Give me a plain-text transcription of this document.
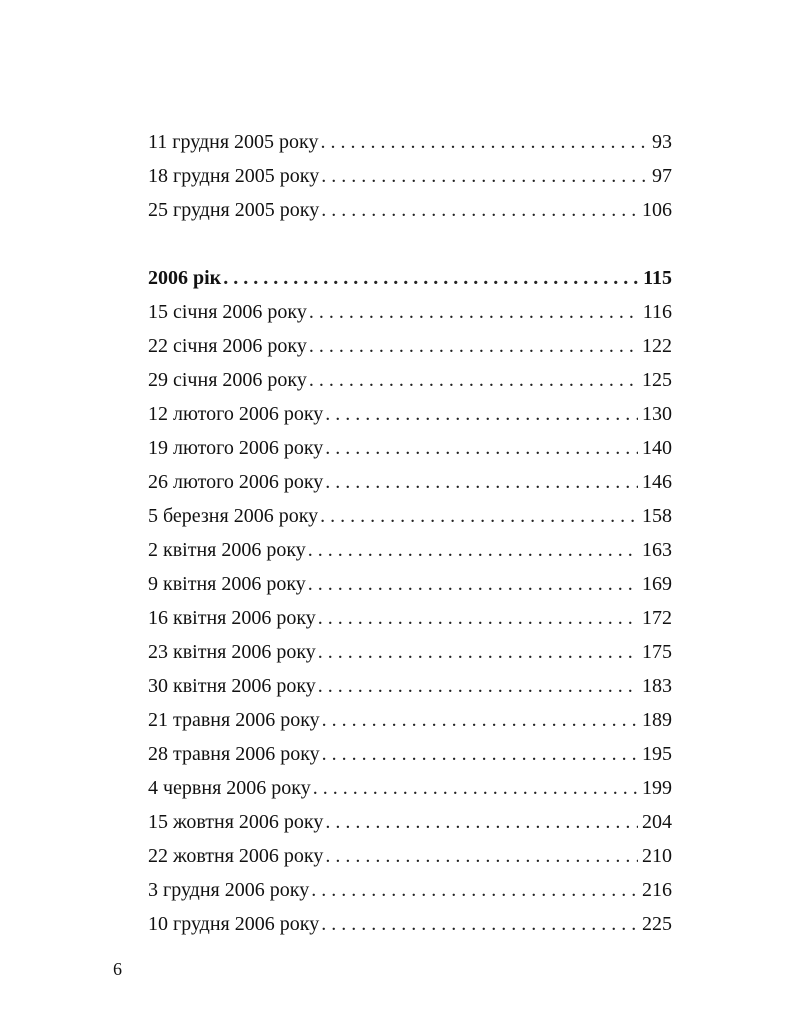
11 грудня 2005 року . . .	93
18 грудня 2005 року . . .	97
25 грудня 2005 року . . .	106
2006 рік . . .	115
15 січня 2006 року . . .	116
22 січня 2006 року . . .	122
29 січня 2006 року . . .	125
12 лютого 2006 року . . .	130
19 лютого 2006 року . . .	140
26 лютого 2006 року . . .	146
5 березня 2006 року . . .	158
2 квітня 2006 року . . .	163
9 квітня 2006 року . . .	169
16 квітня 2006 року . . .	172
23 квітня 2006 року . . .	175
30 квітня 2006 року . . .	183
21 травня 2006 року . . .	189
28 травня 2006 року . . .	195
4 червня 2006 року . . .	199
15 жовтня 2006 року . . .	204
22 жовтня 2006 року . . .	210
3 грудня 2006 року . . .	216
10 грудня 2006 року . . .	225
6
